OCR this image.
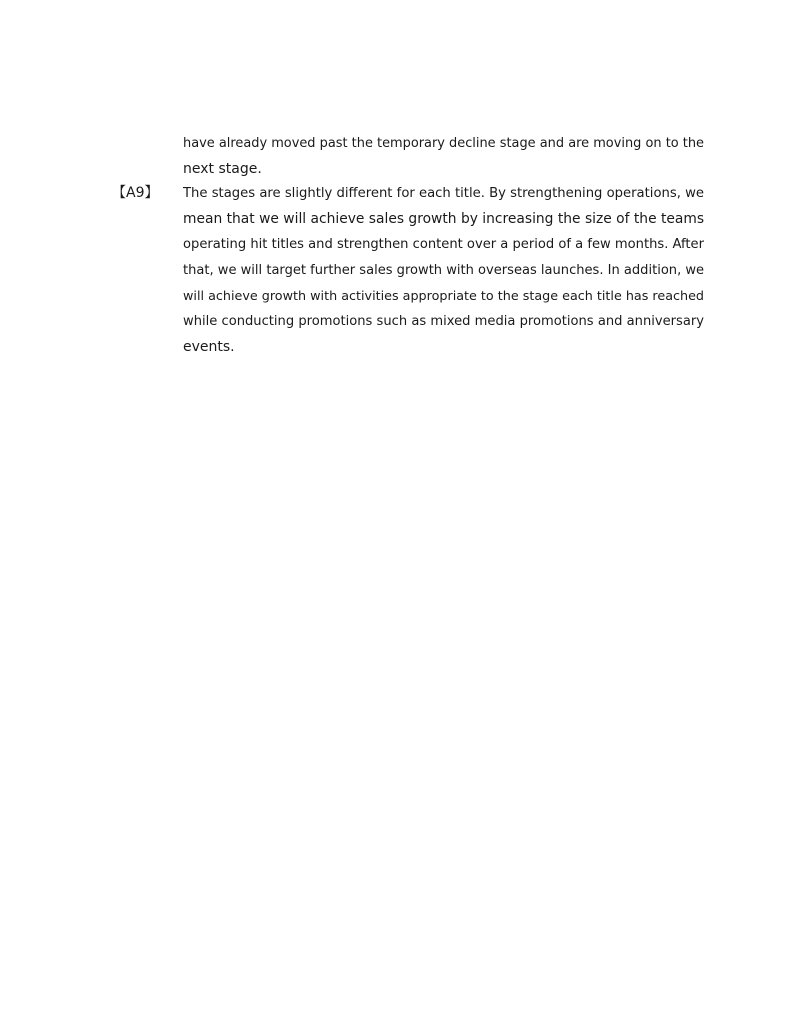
have already moved past the temporary decline stage and are moving on to the
next stage.
【A9】	The stages are slightly different for each title. By strengthening operations, we
mean that we will achieve sales growth by increasing the size of the teams
operating hit titles and strengthen content over a period of a few months. After
that, we will target further sales growth with overseas launches. In addition, we
will achieve growth with activities appropriate to the stage each title has reached
while conducting promotions such as mixed media promotions and anniversary
events.
